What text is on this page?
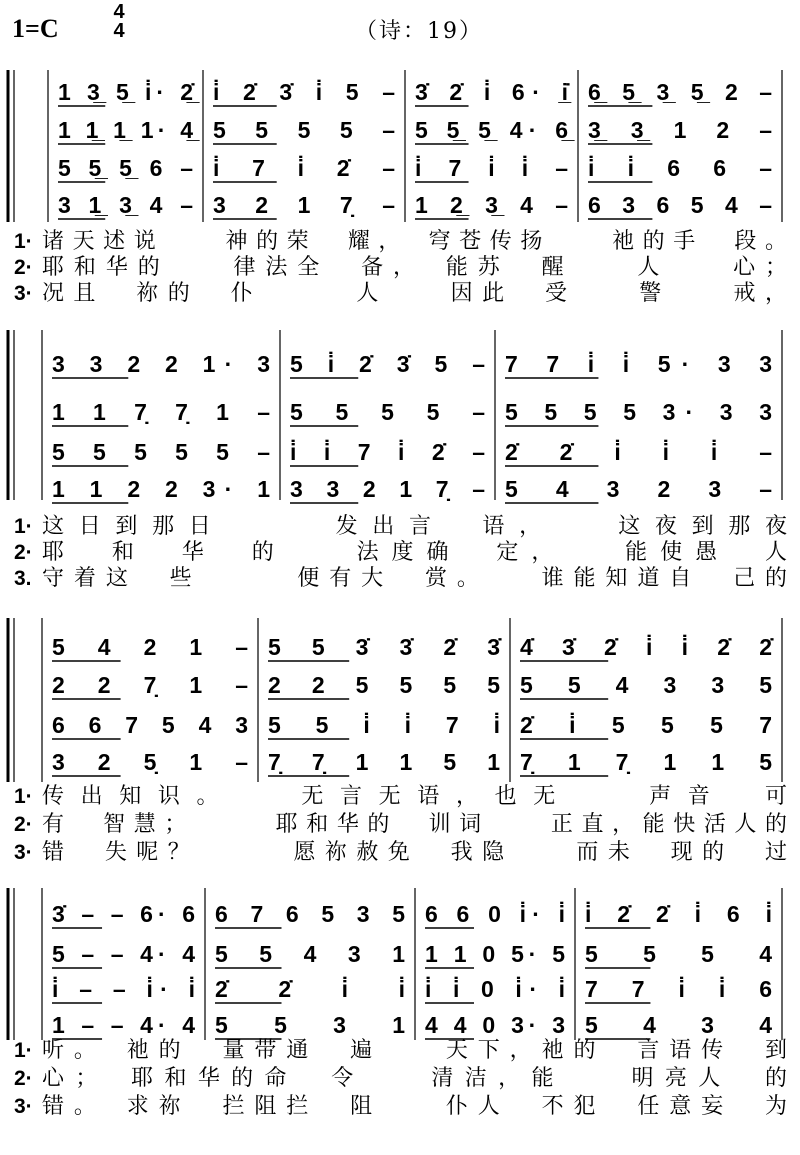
1=C
4
4	（诗：19）
1 3̲ 5̲ i̇· 2̲̇ i̇ 2̇ 3̇ i̇ 5 – 3̇ 2̇ i̇ 6· i̲̇ 6̲ 5̲ 3̲ 5̲ 2 –
1 1̲ 1̲ 1· 4̲ 5 5 5 5 – 5 5̲ 5̲ 4· 6̲ 3̲ 3̲ 1 2 –
5 5̲ 5̲ 6 – i̇ 7 i̇ 2̇ – i̇ 7 i̇ i̇ – i̇ i̇ 6 6 –
3 1̲ 3̲ 4 – 3 2 1 7̣ – 1 2̲ 3̲ 4 – 6 3 6 5 4 –
1· 诸天述说　　神的荣　耀，　穹苍传扬　　祂的手　段。
2· 耶和华的　　律法全　备，　能苏　醒　　人　　心；
3· 况且　祢的　仆　　　人　　因此　受　　警　　戒，
3 3 2 2 1· 3 5 i̇ 2̇ 3̇ 5 – 7 7 i̇ i̇ 5· 3 3
1 1 7̣ 7̣ 1 – 5 5 5 5 – 5 5 5 5 3· 3 3
5 5 5 5 5 – i̇ i̇ 7 i̇ 2̇ – 2̇ 2̇ i̇ i̇ i̇ –
1 1 2 2 3· 1 3 3 2 1 7̣ – 5 4 3 2 3 –
1· 这日到那日　　　发出言　语，　　这夜到那夜
2· 耶　和　华　的　　法度确　定，　　能使愚　人
3. 守着这　些　　　便有大　赏。　　谁能知道自　己的
5 4 2 1 – 5 5 3̇ 3̇ 2̇ 3̇ 4̇ 3̇ 2̇ i̇ i̇ 2̇ 2̇
2 2 7̣ 1 – 2 2 5 5 5 5 5 5 4 3 3 5
6 6 7 5 4 3 5 5 i̇ i̇ 7 i̇ 2̇ i̇ 5 5 5 7
3 2 5̣ 1 – 7̣ 7̣ 1 1 5 1 7̣ 1 7̣ 1 1 5
1· 传出知识。　　无言无语，也无　　声音　可
2· 有　智慧；　　　耶和华的　训词　　正直，能快活人的
3· 错　失呢？　　　愿祢赦免　我隐　　而未　现的　过
3̇ – – 6· 6 6 7 6 5 3 5 6 6 0 i̇· i̇ i̇ 2̇ 2̇ i̇ 6 i̇
5 – – 4· 4 5 5 4 3 1 1 1 0 5· 5 5 5 5 4
i̇ – – i̇· i̇ 2̇ 2̇ i̇ i̇ i̇ i̇ 0 i̇· i̇ 7 7 i̇ i̇ 6
1 – – 4· 4 5 5 3 1 4 4 0 3· 3 5 4 3 4
1· 听。　祂的　量带通　遍　　天下，祂的　言语传　到
2· 心；　耶和华的命　令　　清洁，能　　明亮人　的
3· 错。　求祢　拦阻拦　阻　　仆人　不犯　任意妄　为
